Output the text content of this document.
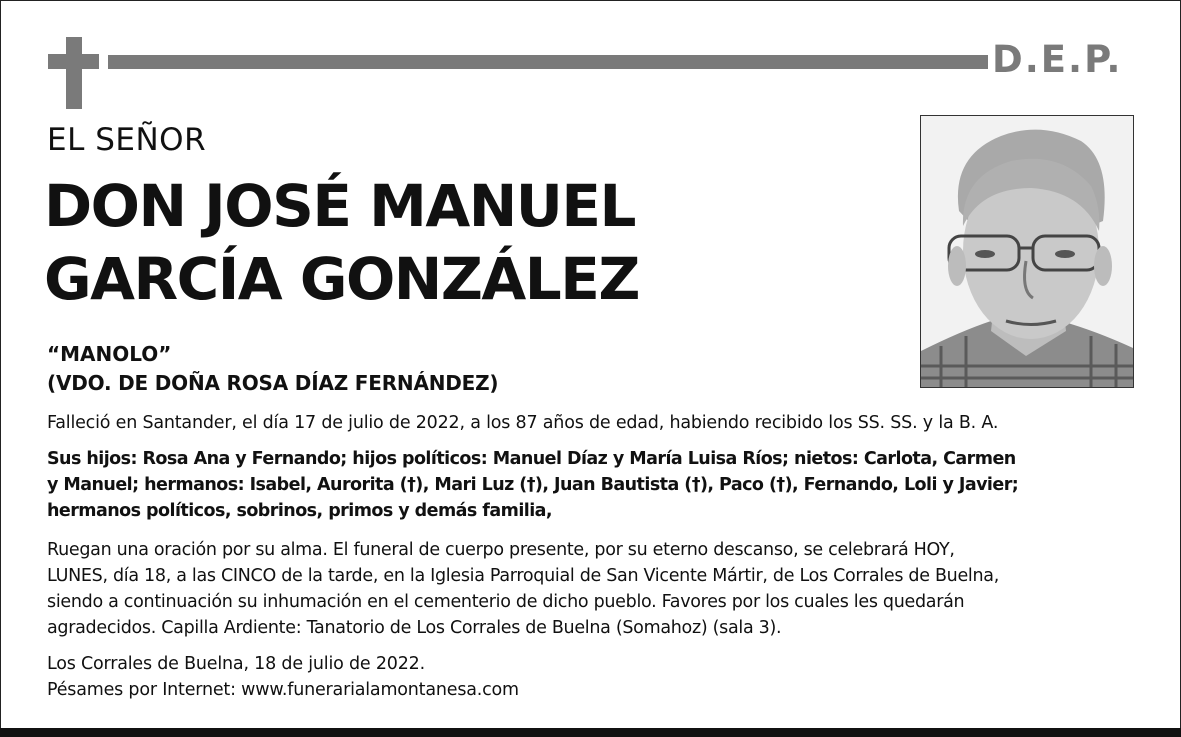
D.E.P.
EL SEÑOR
DON JOSÉ MANUEL
GARCÍA GONZÁLEZ
“MANOLO”
(VDO. DE DOÑA ROSA DÍAZ FERNÁNDEZ)

Falleció en Santander, el día 17 de julio de 2022, a los 87 años de edad, habiendo recibido los SS. SS. y la B. A.

Sus hijos: Rosa Ana y Fernando; hijos políticos: Manuel Díaz y María Luisa Ríos; nietos: Carlota, Carmen
y Manuel; hermanos: Isabel, Aurorita (†), Mari Luz (†), Juan Bautista (†), Paco (†), Fernando, Loli y Javier;
hermanos políticos, sobrinos, primos y demás familia,

Ruegan una oración por su alma. El funeral de cuerpo presente, por su eterno descanso, se celebrará HOY,
LUNES, día 18, a las CINCO de la tarde, en la Iglesia Parroquial de San Vicente Mártir, de Los Corrales de Buelna,
siendo a continuación su inhumación en el cementerio de dicho pueblo. Favores por los cuales les quedarán
agradecidos. Capilla Ardiente: Tanatorio de Los Corrales de Buelna (Somahoz) (sala 3).

Los Corrales de Buelna, 18 de julio de 2022.
Pésames por Internet: www.funerarialamontanesa.com
